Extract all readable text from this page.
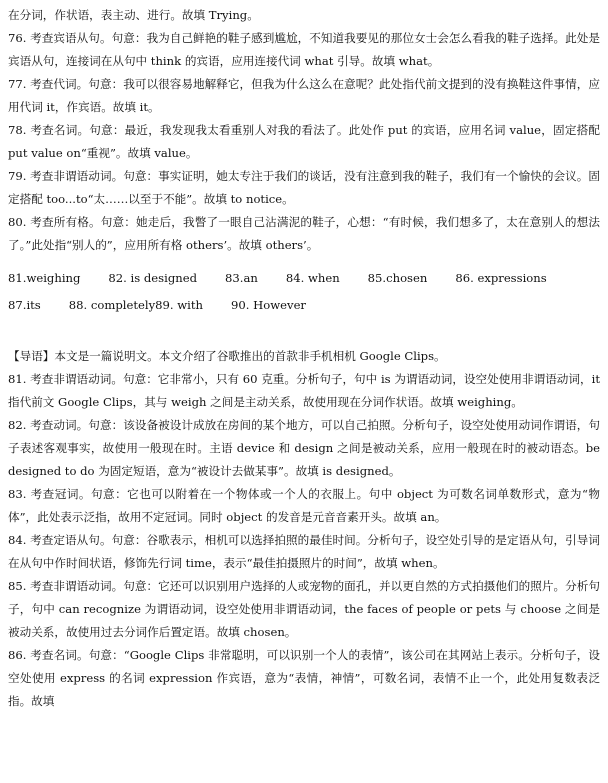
在分词，作状语，表主动、进行。故填 Trying。

76. 考查宾语从句。句意：我为自己鲜艳的鞋子感到尴尬，不知道我要见的那位女士会怎么看我的鞋子选择。此处是宾语从句，连接词在从句中 think 的宾语，应用连接代词 what 引导。故填 what。

77. 考查代词。句意：我可以很容易地解释它，但我为什么这么在意呢？此处指代前文提到的没有换鞋这件事情，应用代词 it，作宾语。故填 it。

78. 考查名词。句意：最近，我发现我太看重别人对我的看法了。此处作 put 的宾语，应用名词 value，固定搭配 put value on“重视”。故填 value。

79. 考查非谓语动词。句意：事实证明，她太专注于我们的谈话，没有注意到我的鞋子，我们有一个愉快的会议。固定搭配 too...to“太……以至于不能”。故填 to notice。

80. 考查所有格。句意：她走后，我瞥了一眼自己沾满泥的鞋子，心想：“有时候，我们想多了，太在意别人的想法了。”此处指“别人的”，应用所有格 others’。故填 others’。

81.weighing 82. is designed 83.an 84. when 85.chosen 86. expressions
87.its 88. completely 89. with 90. However

【导语】本文是一篇说明文。本文介绍了谷歌推出的首款非手机相机 Google Clips。

81. 考查非谓语动词。句意：它非常小，只有 60 克重。分析句子，句中 is 为谓语动词，设空处使用非谓语动词，it 指代前文 Google Clips，其与 weigh 之间是主动关系，故使用现在分词作状语。故填 weighing。

82. 考查动词。句意：该设备被设计成放在房间的某个地方，可以自己拍照。分析句子，设空处使用动词作谓语，句子表述客观事实，故使用一般现在时。主语 device 和 design 之间是被动关系，应用一般现在时的被动语态。be designed to do 为固定短语，意为“被设计去做某事”。故填 is designed。

83. 考查冠词。句意：它也可以附着在一个物体或一个人的衣服上。句中 object 为可数名词单数形式，意为“物体”，此处表示泛指，故用不定冠词。同时 object 的发音是元音音素开头。故填 an。

84. 考查定语从句。句意：谷歌表示，相机可以选择拍照的最佳时间。分析句子，设空处引导的是定语从句，引导词在从句中作时间状语，修饰先行词 time，表示“最佳拍摄照片的时间”，故填 when。

85. 考查非谓语动词。句意：它还可以识别用户选择的人或宠物的面孔，并以更自然的方式拍摄他们的照片。分析句子，句中 can recognize 为谓语动词，设空处使用非谓语动词，the faces of people or pets 与 choose 之间是被动关系，故使用过去分词作后置定语。故填 chosen。

86. 考查名词。句意：“Google Clips 非常聪明，可以识别一个人的表情”，该公司在其网站上表示。分析句子，设空处使用 express 的名词 expression 作宾语，意为“表情，神情”，可数名词，表情不止一个，此处用复数表泛指。故填
